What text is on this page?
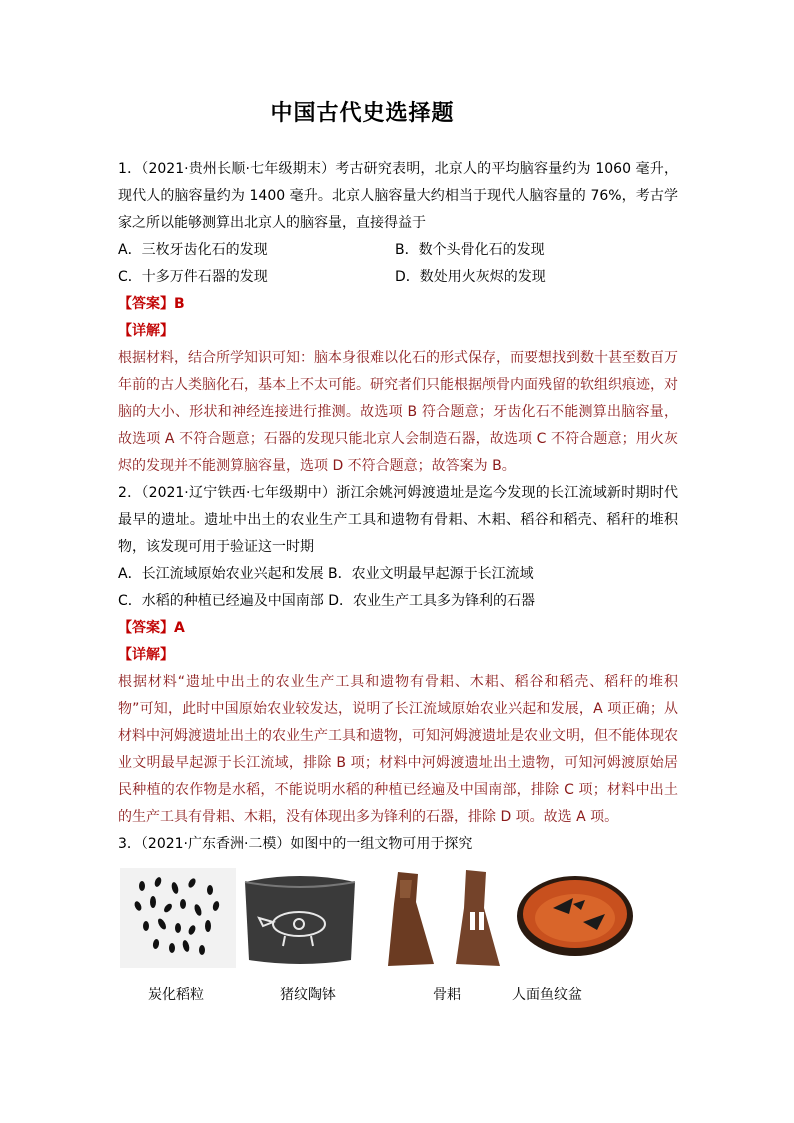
中国古代史选择题
1．（2021·贵州长顺·七年级期末）考古研究表明，北京人的平均脑容量约为 1060 毫升，现代人的脑容量约为 1400 毫升。北京人脑容量大约相当于现代人脑容量的 76%，考古学家之所以能够测算出北京人的脑容量，直接得益于
A．三枚牙齿化石的发现	B．数个头骨化石的发现
C．十多万件石器的发现	D．数处用火灰烬的发现
【答案】B
【详解】
根据材料，结合所学知识可知：脑本身很难以化石的形式保存，而要想找到数十甚至数百万年前的古人类脑化石，基本上不太可能。研究者们只能根据颅骨内面残留的软组织痕迹，对脑的大小、形状和神经连接进行推测。故选项 B 符合题意；牙齿化石不能测算出脑容量，故选项 A 不符合题意；石器的发现只能北京人会制造石器，故选项 C 不符合题意；用火灰烬的发现并不能测算脑容量，选项 D 不符合题意；故答案为 B。
2．（2021·辽宁铁西·七年级期中）浙江余姚河姆渡遗址是迄今发现的长江流域新时期时代最早的遗址。遗址中出土的农业生产工具和遗物有骨耜、木耜、稻谷和稻壳、稻秆的堆积物，该发现可用于验证这一时期
A．长江流域原始农业兴起和发展 B．农业文明最早起源于长江流域
C．水稻的种植已经遍及中国南部 D．农业生产工具多为锋利的石器
【答案】A
【详解】
根据材料“遗址中出土的农业生产工具和遗物有骨耜、木耜、稻谷和稻壳、稻秆的堆积物”可知，此时中国原始农业较发达，说明了长江流域原始农业兴起和发展，A 项正确；从材料中河姆渡遗址出土的农业生产工具和遗物，可知河姆渡遗址是农业文明，但不能体现农业文明最早起源于长江流域，排除 B 项；材料中河姆渡遗址出土遗物，可知河姆渡原始居民种植的农作物是水稻，不能说明水稻的种植已经遍及中国南部，排除 C 项；材料中出土的生产工具有骨耜、木耜，没有体现出多为锋利的石器，排除 D 项。故选 A 项。
3．（2021·广东香洲·二模）如图中的一组文物可用于探究
炭化稻粒	猪纹陶钵	骨耜	人面鱼纹盆
